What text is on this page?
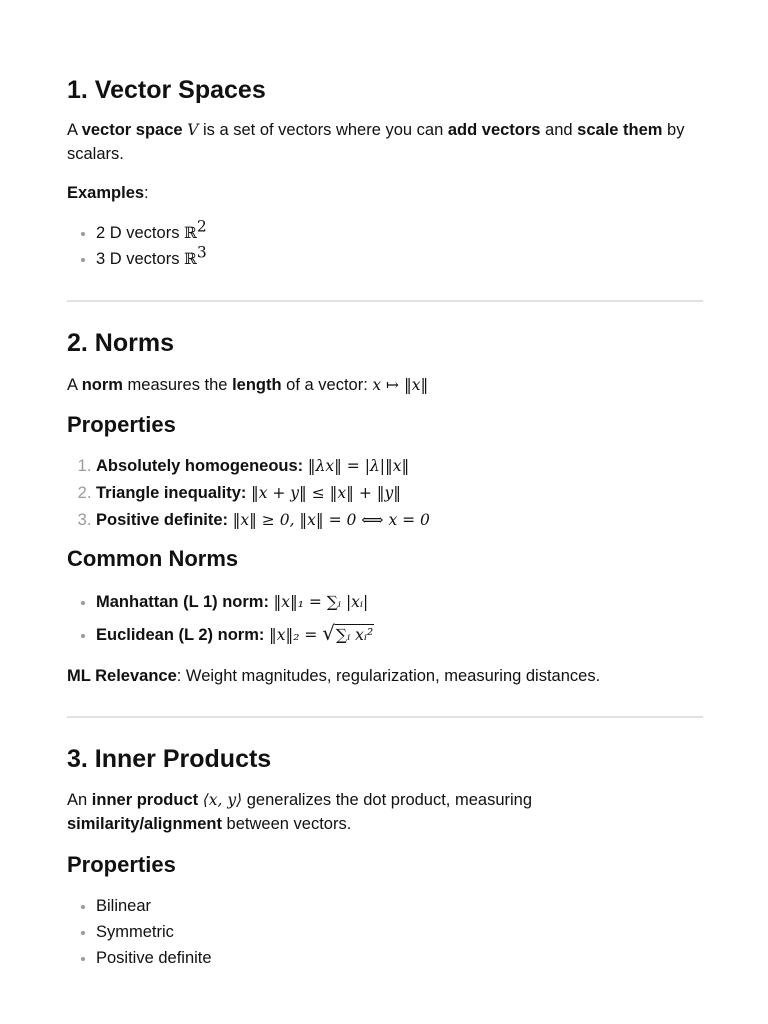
1. Vector Spaces

A vector space V is a set of vectors where you can add vectors and scale them by scalars.

Examples:

• 2 D vectors ℝ$^2$
• 3 D vectors ℝ$^3$
2. Norms

A norm measures the length of a vector: x ↦ ‖x‖

Properties
1. Absolutely homogeneous: ‖λx‖ = |λ|‖x‖
2. Triangle inequality: ‖x + y‖ ≤ ‖x‖ + ‖y‖
3. Positive definite: ‖x‖ ≥ 0, ‖x‖ = 0 ⟺ x = 0
Common Norms
• Manhattan (L 1) norm: ‖x‖₁ = ∑ᵢ |xᵢ|
• Euclidean (L 2) norm: ‖x‖₂ = √∑ᵢ xᵢ²

ML Relevance: Weight magnitudes, regularization, measuring distances.

3. Inner Products

An inner product ⟨x, y⟩ generalizes the dot product, measuring similarity/alignment between vectors.

Properties
• Bilinear
• Symmetric
• Positive definite
